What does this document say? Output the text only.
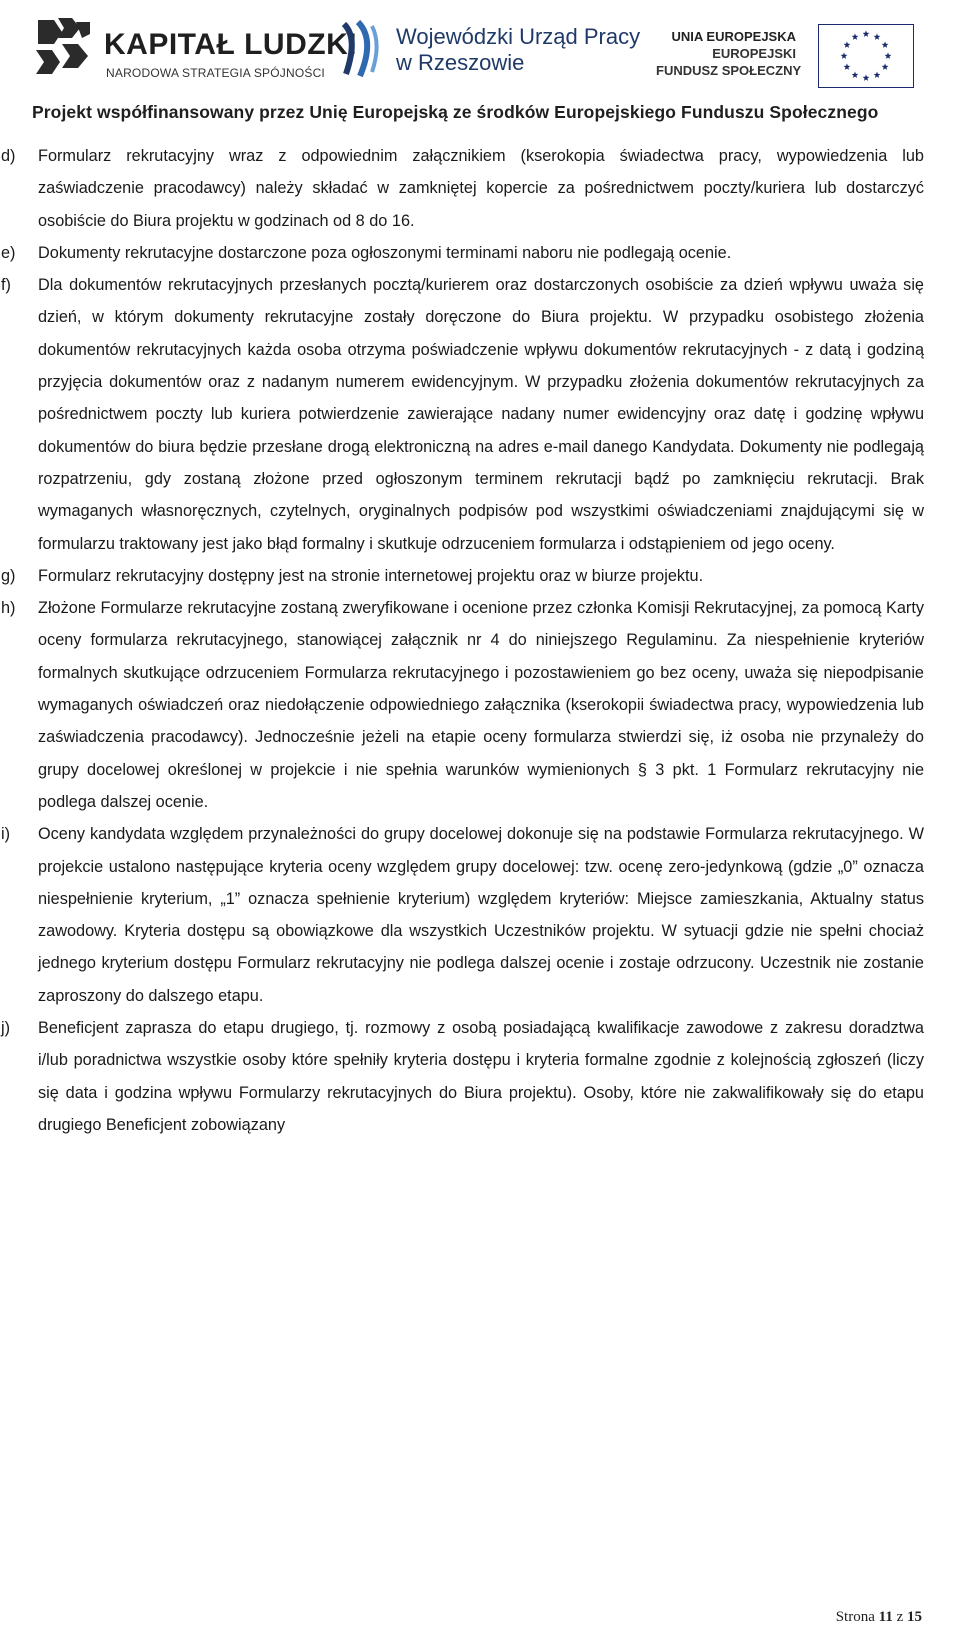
KAPITAŁ LUDZKI
NARODOWA STRATEGIA SPÓJNOŚCI
Wojewódzki Urząd Pracy
w Rzeszowie
UNIA EUROPEJSKA
EUROPEJSKI
FUNDUSZ SPOŁECZNY
Projekt współfinansowany przez Unię Europejską ze środków Europejskiego Funduszu Społecznego
d)	Formularz rekrutacyjny wraz z odpowiednim załącznikiem (kserokopia świadectwa pracy, wypowiedzenia lub zaświadczenie pracodawcy) należy składać w zamkniętej kopercie za pośrednictwem poczty/kuriera lub dostarczyć osobiście do Biura projektu w godzinach od 8 do 16.
e)	Dokumenty rekrutacyjne dostarczone poza ogłoszonymi terminami naboru nie podlegają ocenie.
f)	Dla dokumentów rekrutacyjnych przesłanych pocztą/kurierem oraz dostarczonych osobiście za dzień wpływu uważa się dzień, w którym dokumenty rekrutacyjne zostały doręczone do Biura projektu. W przypadku osobistego złożenia dokumentów rekrutacyjnych każda osoba otrzyma poświadczenie wpływu dokumentów rekrutacyjnych - z datą i godziną przyjęcia dokumentów oraz z nadanym numerem ewidencyjnym. W przypadku złożenia dokumentów rekrutacyjnych za pośrednictwem poczty lub kuriera potwierdzenie zawierające nadany numer ewidencyjny oraz datę i godzinę wpływu dokumentów do biura będzie przesłane drogą elektroniczną na adres e-mail danego Kandydata. Dokumenty nie podlegają rozpatrzeniu, gdy zostaną złożone przed ogłoszonym terminem rekrutacji bądź po zamknięciu rekrutacji. Brak wymaganych własnoręcznych, czytelnych, oryginalnych podpisów pod wszystkimi oświadczeniami znajdującymi się w formularzu traktowany jest jako błąd formalny i skutkuje odrzuceniem formularza i odstąpieniem od jego oceny.
g)	Formularz rekrutacyjny dostępny jest na stronie internetowej projektu oraz w biurze projektu.
h)	Złożone Formularze rekrutacyjne zostaną zweryfikowane i ocenione przez członka Komisji Rekrutacyjnej, za pomocą Karty oceny formularza rekrutacyjnego, stanowiącej załącznik nr 4 do niniejszego Regulaminu. Za niespełnienie kryteriów formalnych skutkujące odrzuceniem Formularza rekrutacyjnego i pozostawieniem go bez oceny, uważa się niepodpisanie wymaganych oświadczeń oraz niedołączenie odpowiedniego załącznika (kserokopii świadectwa pracy, wypowiedzenia lub zaświadczenia pracodawcy). Jednocześnie jeżeli na etapie oceny formularza stwierdzi się, iż osoba nie przynależy do grupy docelowej określonej w projekcie i nie spełnia warunków wymienionych § 3 pkt. 1 Formularz rekrutacyjny nie podlega dalszej ocenie.
i)	Oceny kandydata względem przynależności do grupy docelowej dokonuje się na podstawie Formularza rekrutacyjnego. W projekcie ustalono następujące kryteria oceny względem grupy docelowej: tzw. ocenę zero-jedynkową (gdzie „0” oznacza niespełnienie kryterium, „1” oznacza spełnienie kryterium) względem kryteriów: Miejsce zamieszkania, Aktualny status zawodowy. Kryteria dostępu są obowiązkowe dla wszystkich Uczestników projektu. W sytuacji gdzie nie spełni chociaż jednego kryterium dostępu Formularz rekrutacyjny nie podlega dalszej ocenie i zostaje odrzucony. Uczestnik nie zostanie zaproszony do dalszego etapu.
j)	Beneficjent zaprasza do etapu drugiego, tj. rozmowy z osobą posiadającą kwalifikacje zawodowe z zakresu doradztwa i/lub poradnictwa wszystkie osoby które spełniły kryteria dostępu i kryteria formalne zgodnie z kolejnością zgłoszeń (liczy się data i godzina wpływu Formularzy rekrutacyjnych do Biura projektu). Osoby, które nie zakwalifikowały się do etapu drugiego Beneficjent zobowiązany
Strona 11 z 15
